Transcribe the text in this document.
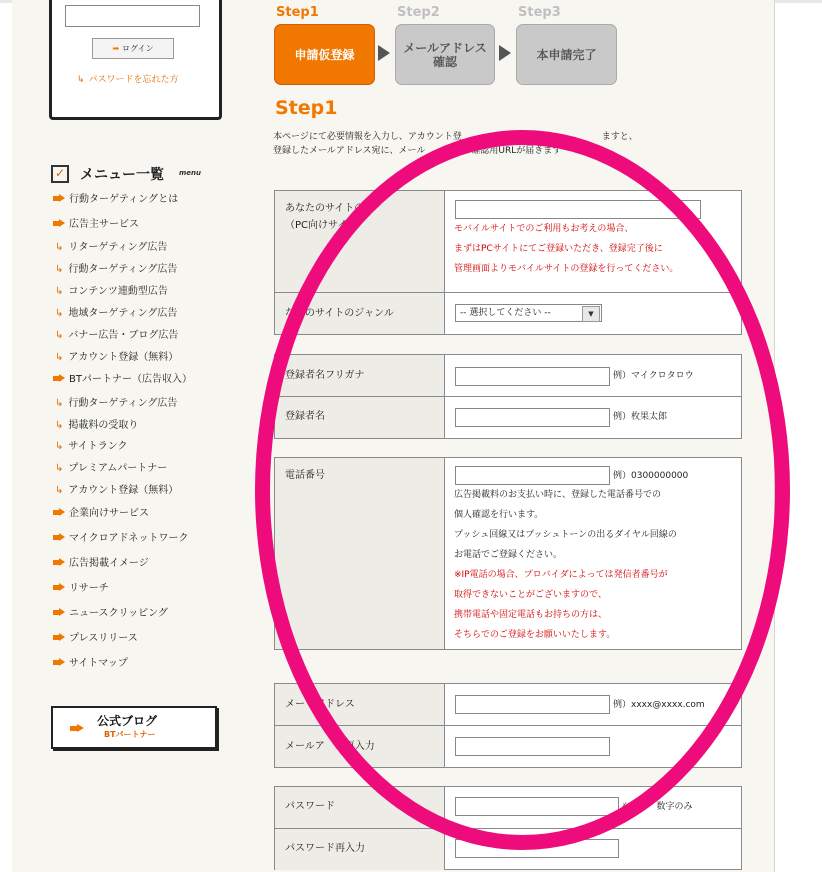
➡ ログイン
↳ パスワードを忘れた方
✓ メニュー一覧 menu
行動ターゲティングとは
広告主サービス
↳ リターゲティング広告
↳ 行動ターゲティング広告
↳ コンテンツ連動型広告
↳ 地域ターゲティング広告
↳ バナー広告・ブログ広告
↳ アカウント登録（無料）
BTパートナー（広告収入）
↳ 行動ターゲティング広告
↳ 掲載料の受取り
↳ サイトランク
↳ プレミアムパートナー
↳ アカウント登録（無料）
企業向けサービス
マイクロアドネットワーク
広告掲載イメージ
リサーチ
ニュースクリッピング
プレスリリース
サイトマップ
公式ブログ
BTパートナー
Step1	Step2	Step3
申請仮登録	メールアドレス
確認	本申請完了
Step1
本ページにて必要情報を入力し、アカウント登	ますと、
登録したメールアドレス宛に、メール	確認用URLが届きます
あなたのサイトの
（PC向けサイ	モバイルサイトでのご利用もお考えの場合、
まずはPCサイトにてご登録いただき、登録完了後に
管理画面よりモバイルサイトの登録を行ってください。
なたのサイトのジャンル	-- 選択してください --	▼
登録者名フリガナ	例）マイクロタロウ
登録者名	例）枚果太郎
電話番号	例）0300000000
広告掲載料のお支払い時に、登録した電話番号での
個人確認を行います。
プッシュ回線又はプッシュトーンの出るダイヤル回線の
お電話でご登録ください。
※IP電話の場合、プロバイダによっては発信者番号が
取得できないことがございますので、
携帯電話や固定電話もお持ちの方は、
そちらでのご登録をお願いいたします。
メー　アドレス	例）xxxx@xxxx.com
メールア　ス再入力
パスワード	※半　　数字のみ
パスワード再入力
